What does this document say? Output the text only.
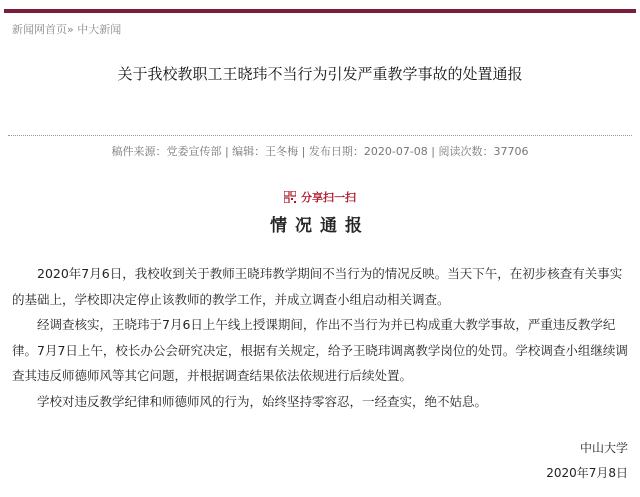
新闻网首页» 中大新闻
关于我校教职工王晓玮不当行为引发严重教学事故的处置通报
稿件来源：党委宣传部 | 编辑：王冬梅 | 发布日期：2020-07-08 | 阅读次数：37706
分享扫一扫
情况通报

2020年7月6日，我校收到关于教师王晓玮教学期间不当行为的情况反映。当天下午，在初步核查有关事实的基础上，学校即决定停止该教师的教学工作，并成立调查小组启动相关调查。

经调查核实，王晓玮于7月6日上午线上授课期间，作出不当行为并已构成重大教学事故，严重违反教学纪律。7月7日上午，校长办公会研究决定，根据有关规定，给予王晓玮调离教学岗位的处罚。学校调查小组继续调查其违反师德师风等其它问题，并根据调查结果依法依规进行后续处置。

学校对违反教学纪律和师德师风的行为，始终坚持零容忍，一经查实，绝不姑息。

中山大学
2020年7月8日
